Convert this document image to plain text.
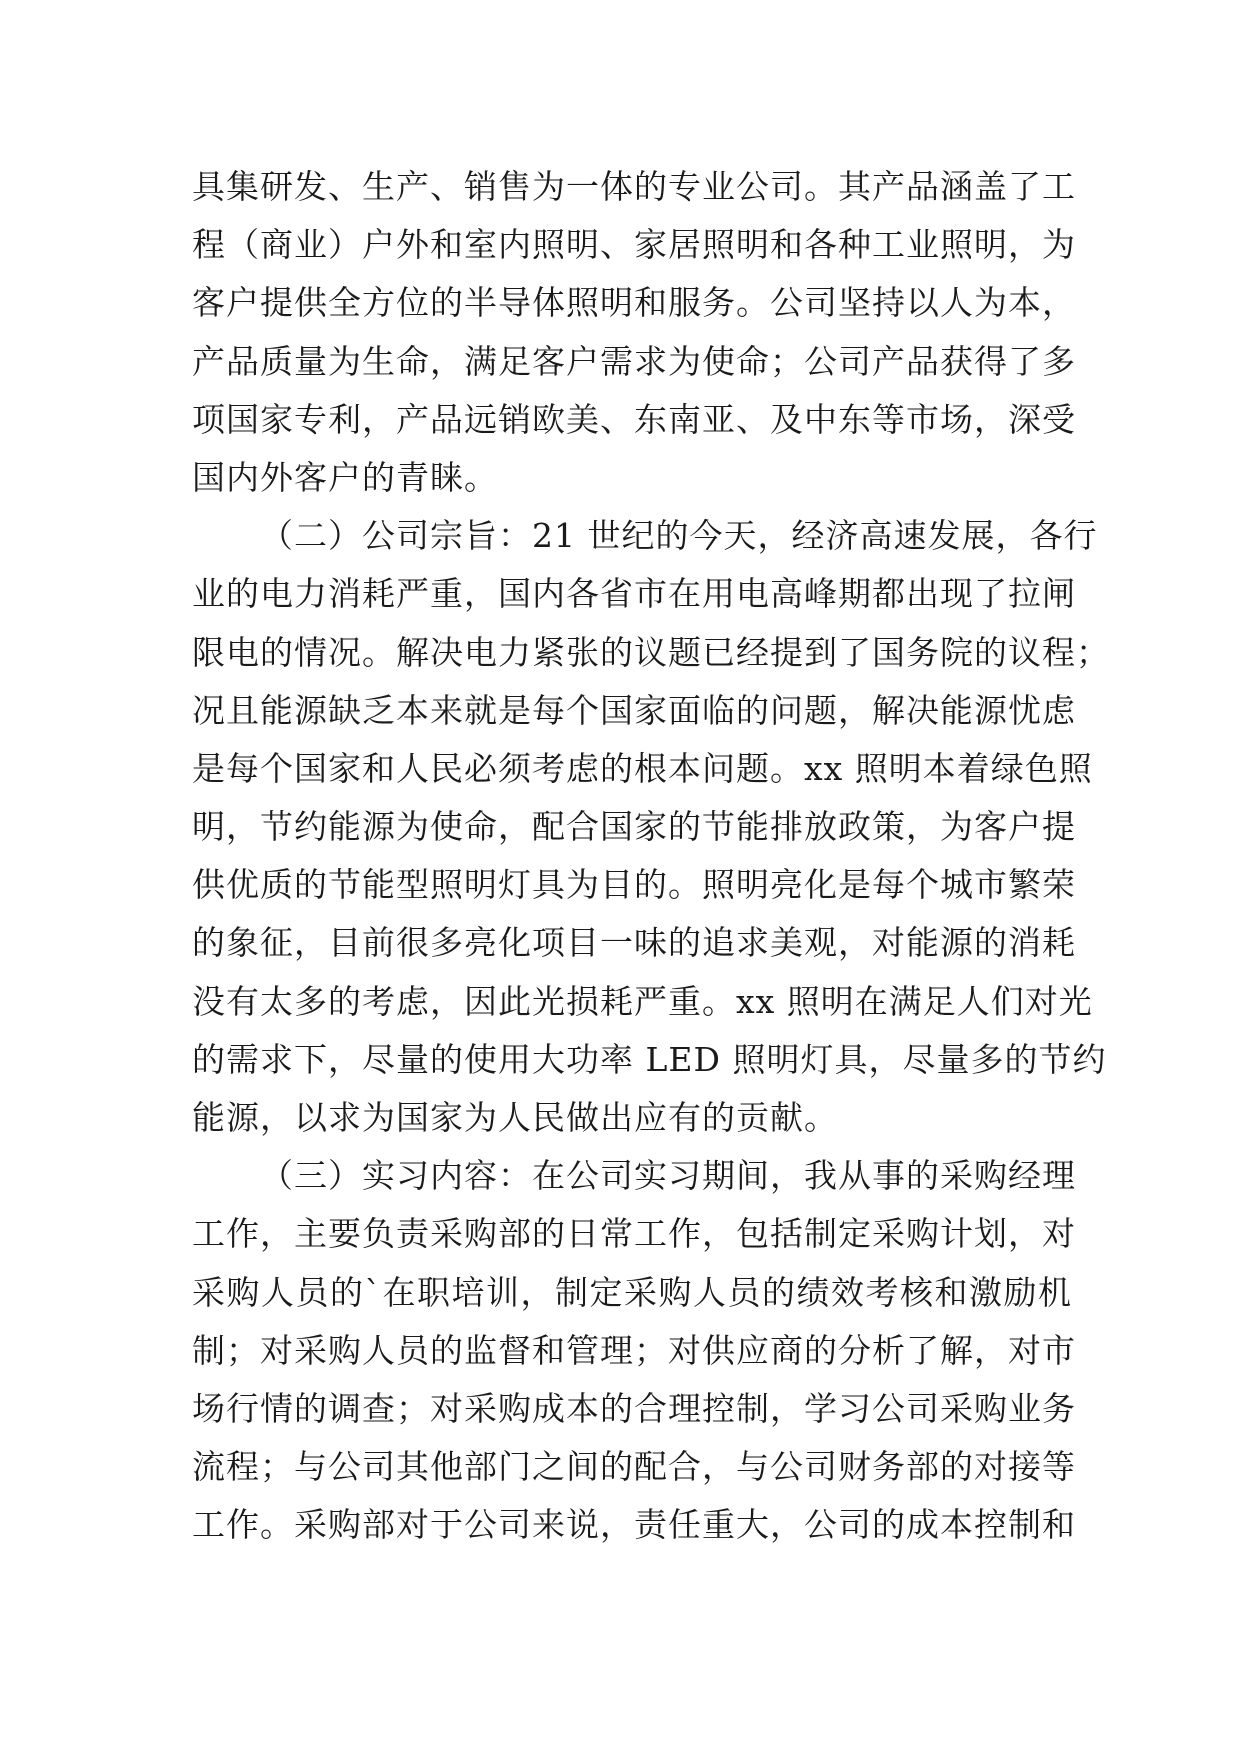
具集研发、生产、销售为一体的专业公司。其产品涵盖了工
程（商业）户外和室内照明、家居照明和各种工业照明，为
客户提供全方位的半导体照明和服务。公司坚持以人为本，
产品质量为生命，满足客户需求为使命；公司产品获得了多
项国家专利，产品远销欧美、东南亚、及中东等市场，深受
国内外客户的青睐。
（二）公司宗旨：21 世纪的今天，经济高速发展，各行
业的电力消耗严重，国内各省市在用电高峰期都出现了拉闸
限电的情况。解决电力紧张的议题已经提到了国务院的议程；
况且能源缺乏本来就是每个国家面临的问题，解决能源忧虑
是每个国家和人民必须考虑的根本问题。xx 照明本着绿色照
明，节约能源为使命，配合国家的节能排放政策，为客户提
供优质的节能型照明灯具为目的。照明亮化是每个城市繁荣
的象征，目前很多亮化项目一味的追求美观，对能源的消耗
没有太多的考虑，因此光损耗严重。xx 照明在满足人们对光
的需求下，尽量的使用大功率 LED 照明灯具，尽量多的节约
能源，以求为国家为人民做出应有的贡献。
（三）实习内容：在公司实习期间，我从事的采购经理
工作，主要负责采购部的日常工作，包括制定采购计划，对
采购人员的`在职培训，制定采购人员的绩效考核和激励机
制；对采购人员的监督和管理；对供应商的分析了解，对市
场行情的调查；对采购成本的合理控制，学习公司采购业务
流程；与公司其他部门之间的配合，与公司财务部的对接等
工作。采购部对于公司来说，责任重大，公司的成本控制和
